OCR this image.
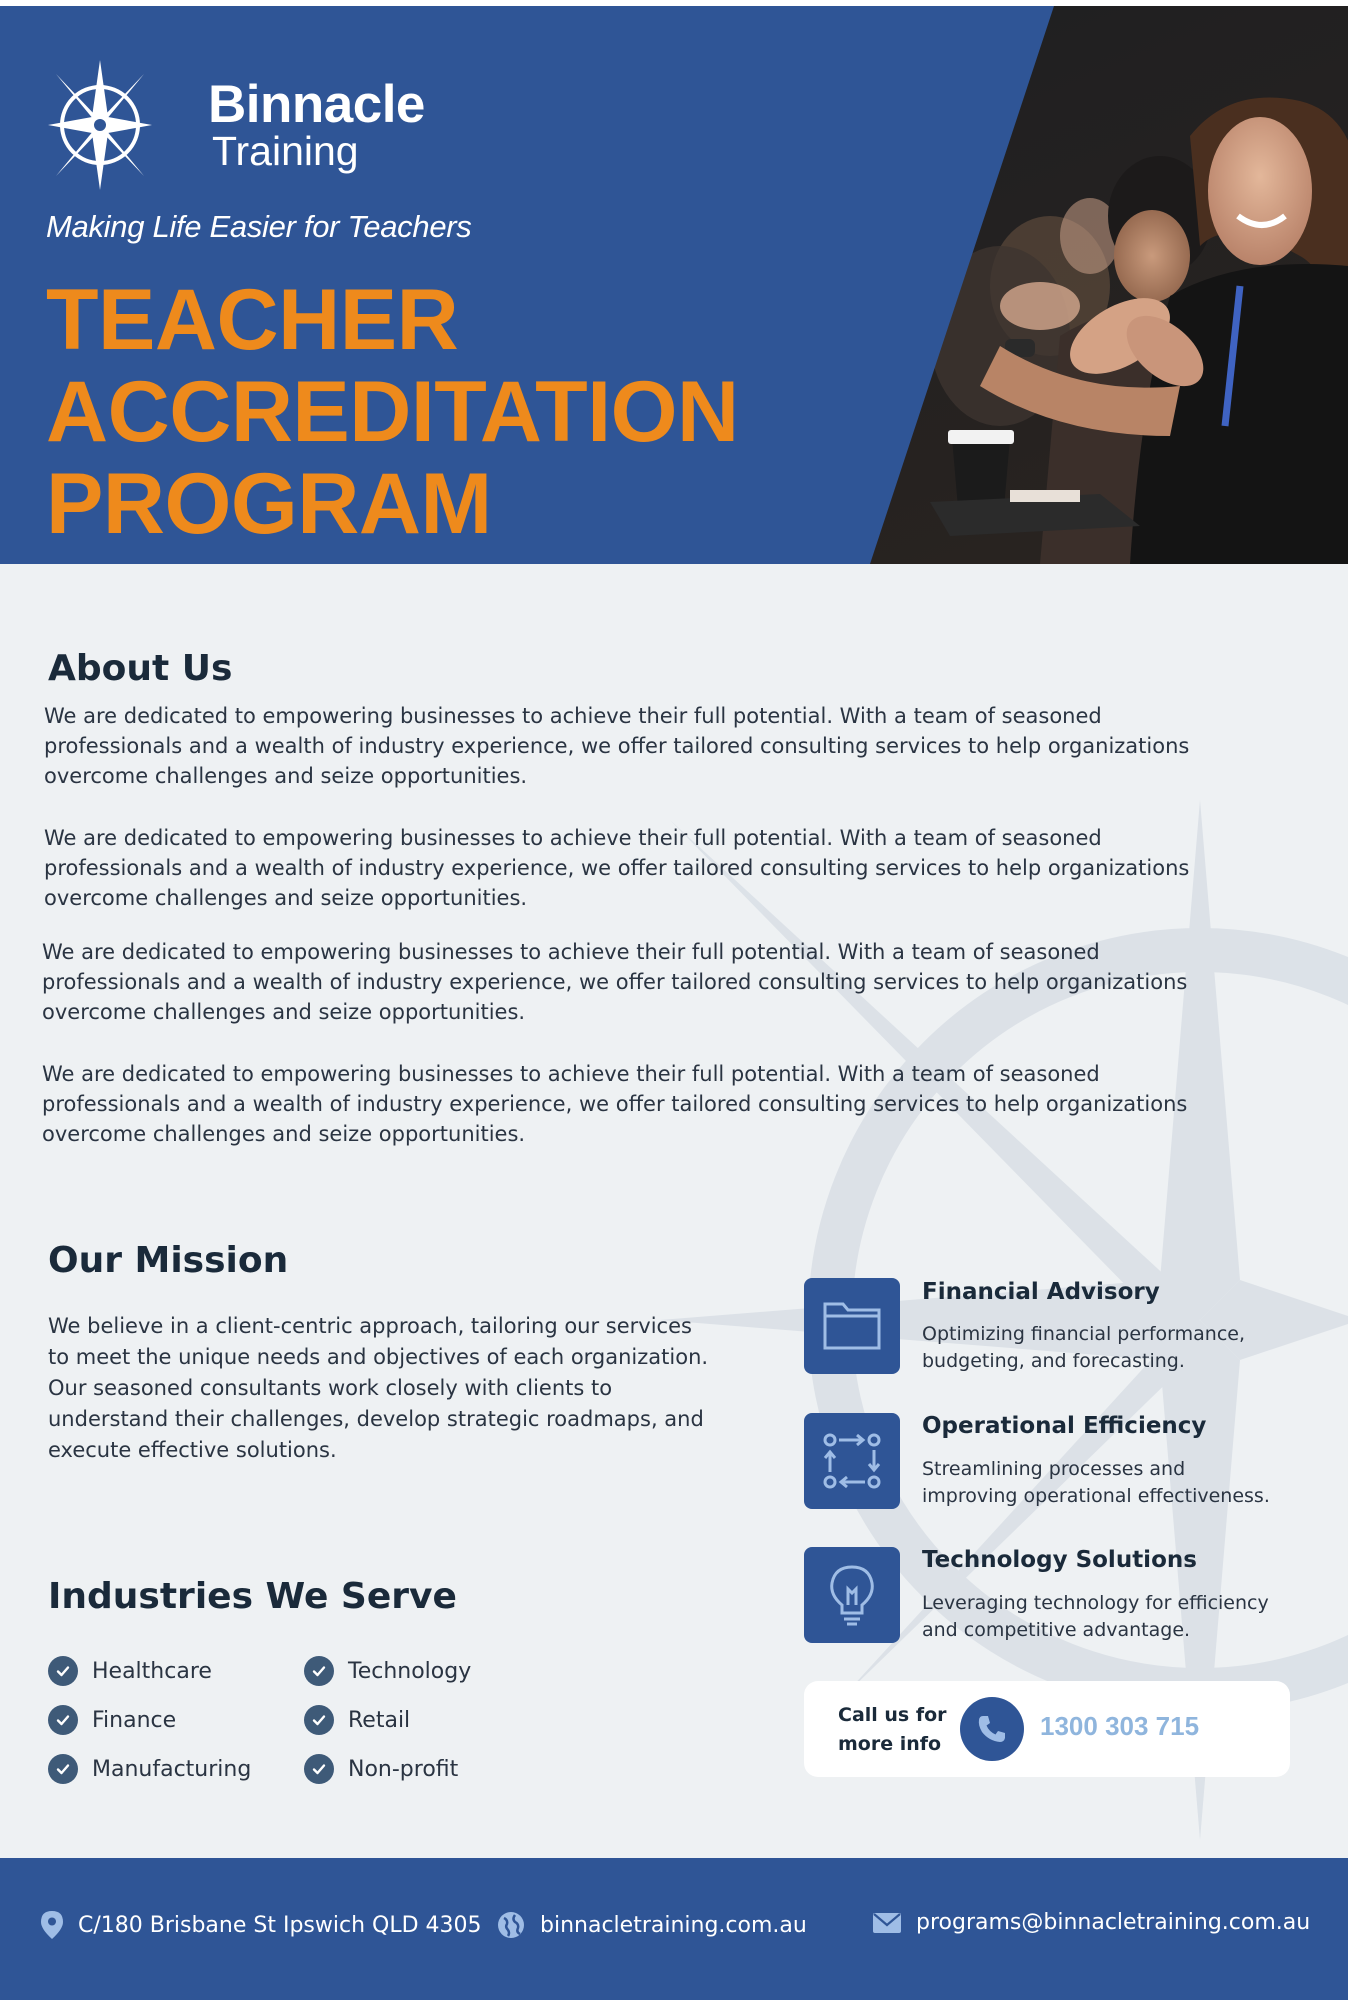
Binnacle
Training
Making Life Easier for Teachers
TEACHER
ACCREDITATION
PROGRAM
About Us
We are dedicated to empowering businesses to achieve their full potential. With a team of seasoned
professionals and a wealth of industry experience, we offer tailored consulting services to help organizations
overcome challenges and seize opportunities.
We are dedicated to empowering businesses to achieve their full potential. With a team of seasoned
professionals and a wealth of industry experience, we offer tailored consulting services to help organizations
overcome challenges and seize opportunities.
We are dedicated to empowering businesses to achieve their full potential. With a team of seasoned
professionals and a wealth of industry experience, we offer tailored consulting services to help organizations
overcome challenges and seize opportunities.
We are dedicated to empowering businesses to achieve their full potential. With a team of seasoned
professionals and a wealth of industry experience, we offer tailored consulting services to help organizations
overcome challenges and seize opportunities.
Our Mission
We believe in a client-centric approach, tailoring our services
to meet the unique needs and objectives of each organization.
Our seasoned consultants work closely with clients to
understand their challenges, develop strategic roadmaps, and
execute effective solutions.
Industries We Serve
Healthcare	Technology
Finance	Retail
Manufacturing	Non-profit
Financial Advisory
Optimizing financial performance,
budgeting, and forecasting.
Operational Efficiency
Streamlining processes and
improving operational effectiveness.
Technology Solutions
Leveraging technology for efficiency
and competitive advantage.
Call us for
more info
1300 303 715
C/180 Brisbane St Ipswich QLD 4305	binnacletraining.com.au	programs@binnacletraining.com.au
